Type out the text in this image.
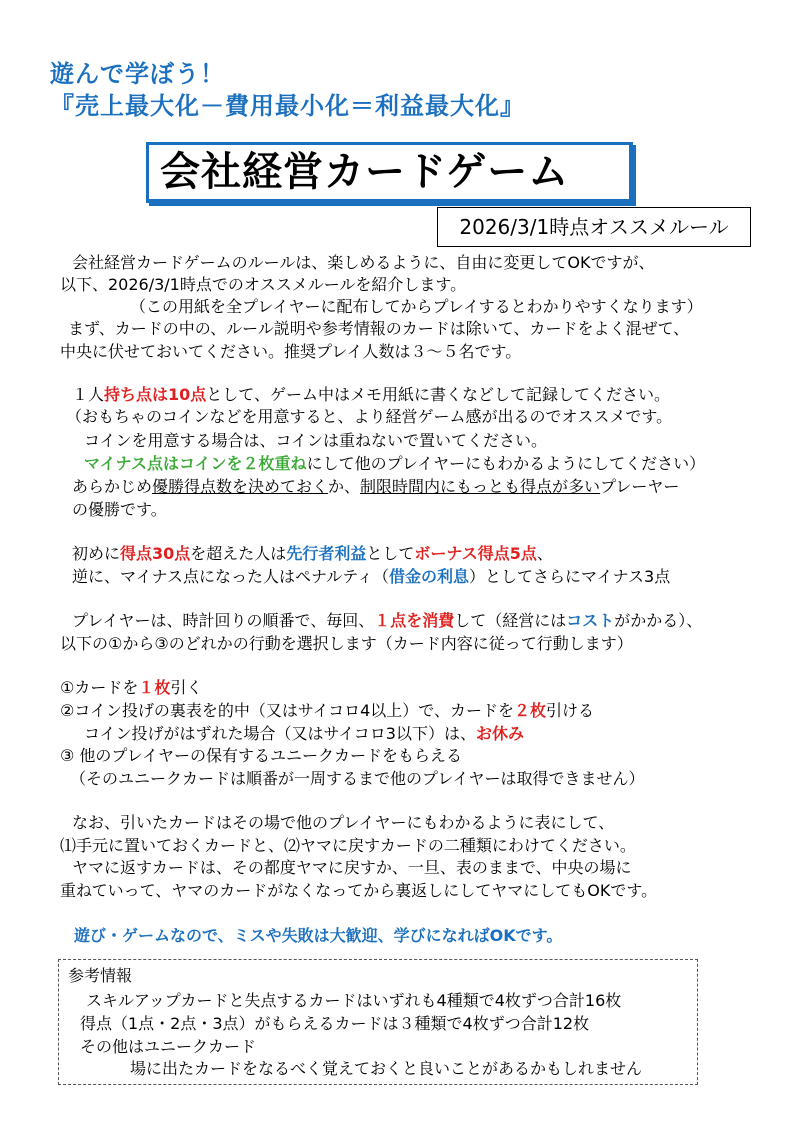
遊んで学ぼう！
『売上最大化－費用最小化＝利益最大化』
会社経営カードゲーム
2026/3/1時点オススメルール
会社経営カードゲームのルールは、楽しめるように、自由に変更してOKですが、
以下、2026/3/1時点でのオススメルールを紹介します。
（この用紙を全プレイヤーに配布してからプレイするとわかりやすくなります）
まず、カードの中の、ルール説明や参考情報のカードは除いて、カードをよく混ぜて、
中央に伏せておいてください。推奨プレイ人数は３～５名です。
１人持ち点は10点として、ゲーム中はメモ用紙に書くなどして記録してください。
（おもちゃのコインなどを用意すると、より経営ゲーム感が出るのでオススメです。
コインを用意する場合は、コインは重ねないで置いてください。
マイナス点はコインを２枚重ねにして他のプレイヤーにもわかるようにしてください）
あらかじめ優勝得点数を決めておくか、制限時間内にもっとも得点が多いプレーヤー
の優勝です。
初めに得点30点を超えた人は先行者利益としてボーナス得点5点、
逆に、マイナス点になった人はペナルティ（借金の利息）としてさらにマイナス3点
プレイヤーは、時計回りの順番で、毎回、１点を消費して（経営にはコストがかかる）、
以下の①から③のどれかの行動を選択します（カード内容に従って行動します）
①カードを１枚引く
②コイン投げの裏表を的中（又はサイコロ4以上）で、カードを２枚引ける
コイン投げがはずれた場合（又はサイコロ3以下）は、お休み
③ 他のプレイヤーの保有するユニークカードをもらえる
（そのユニークカードは順番が一周するまで他のプレイヤーは取得できません）
なお、引いたカードはその場で他のプレイヤーにもわかるように表にして、
⑴手元に置いておくカードと、⑵ヤマに戻すカードの二種類にわけてください。
ヤマに返すカードは、その都度ヤマに戻すか、一旦、表のままで、中央の場に
重ねていって、ヤマのカードがなくなってから裏返しにしてヤマにしてもOKです。
遊び・ゲームなので、ミスや失敗は大歓迎、学びになればOKです。
参考情報
スキルアップカードと失点するカードはいずれも4種類で4枚ずつ合計16枚
得点（1点・2点・3点）がもらえるカードは３種類で4枚ずつ合計12枚
その他はユニークカード
場に出たカードをなるべく覚えておくと良いことがあるかもしれません
